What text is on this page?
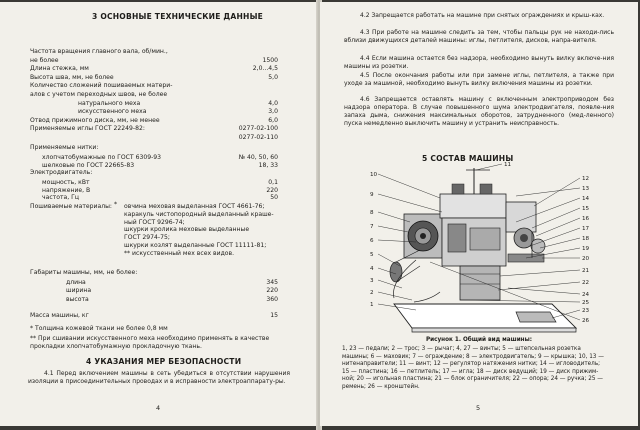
3 ОСНОВНЫЕ ТЕХНИЧЕСКИЕ ДАННЫЕ
Частота вращения главного вала, об/мин.,
не более	1500
Длина стежка, мм	2,0...4,5
Высота шва, мм, не более	5,0
Количество сложений пошиваемых матери-
алов с учетом переходных швов, не более
натурального меха	4,0
искусственного меха	3,0
Отвод прижимного диска, мм, не менее	6,0
Применяемые иглы ГОСТ 22249-82:	0277-02-100
0277-02-110
Применяемые нитки:
хлопчатобумажные по ГОСТ 6309-93	№ 40, 50, 60
шелковые по ГОСТ 22665-83	18, 33
Электродвигатель:
мощность, кВт	0,1
напряжение, В	220
частота, Гц	50
Пошиваемые материалы: * овчина меховая выделанная ГОСТ 4661-76;
каракуль чистопородный выделанный краше-
ный ГОСТ 9296-74;
шкурки кролика меховые выделанные
ГОСТ 2974-75;
шкурки козлят выделанные ГОСТ 11111-81;
** искусственный мех всех видов.
Габариты машины, мм, не более:
длина	345
ширина	220
высота	360
Масса машины, кг	15
* Толщина кожевой ткани не более 0,8 мм
** При сшивании искусственного меха необходимо применять в качестве
прокладки хлопчатобумажную прокладочную ткань.
4 УКАЗАНИЯ МЕР БЕЗОПАСНОСТИ
4.1 Перед включением машины в сеть убедиться в отсутствии нарушения изоляции в присоединительных проводах и в исправности электроаппарату-ры.
4
4.2 Запрещается работать на машине при снятых ограждениях и крыш-ках.
4.3 При работе на машине следить за тем, чтобы пальцы рук не находи-лись вблизи движущихся деталей машины: иглы, петлителя, дисков, напра-вителя.
4.4 Если машина остается без надзора, необходимо вынуть вилку включе-ния машины из розетки.
4.5 После окончания работы или при замене иглы, петлителя, а также при уходе за машиной, необходимо вынуть вилку включения машины из розетки.
4.6 Запрещается оставлять машину с включенным электроприводом без надзора оператора. В случае повышенного шума электродвигателя, появле-ния запаха дыма, снижения максимальных оборотов, затрудненного (мед-ленного) пуска немедленно выключить машину и устранить неисправность.
5 СОСТАВ МАШИНЫ
10
9
8
7
6
5
4
3
2
1
11
12
13
14
15
16
17
18
19
20
21
22
23
24
25
26
Рисунок 1. Общий вид машины:
1, 23 — педали; 2 — трос; 3 — рычаг; 4, 27 — винты; 5 — штепсельная розетка
машины; 6 — маховик; 7 — ограждение; 8 — электродвигатель; 9 — крышка; 10, 13 —
нитенаправители; 11 — винт; 12 — регулятор натяжения нитки; 14 — игловодитель;
15 — пластина; 16 — петлитель; 17 — игла; 18 — диск ведущий; 19 — диск прижим-
ной; 20 — игольная пластина; 21 — блок ограничителя; 22 — опора; 24 — ручка; 25 —
ремень; 26 — кронштейн.
5
